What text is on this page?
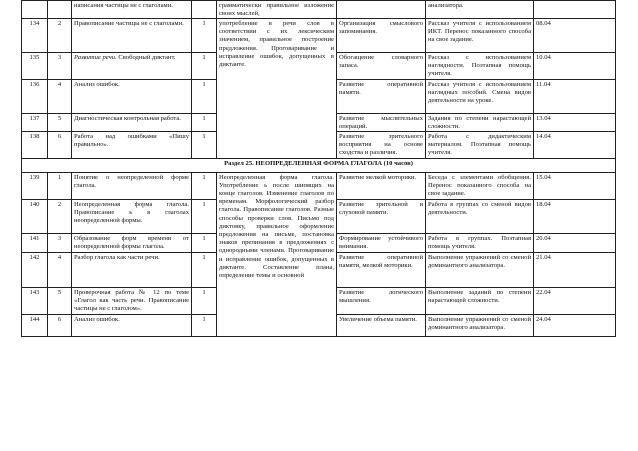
		написания частицы не с глаголами.		грамматически правильное изложение своих мыслей,		анализатора.	
134	2	Правописание частицы не с глаголами.	1	употребление в речи слов в соответствии с их лексическим значением, правильное построение предложения. Проговаривание и исправление ошибок, допущенных в диктанте.	Организация смыслового запоминания.	Рассказ учителя с использованием ИКТ. Перенос показанного способа на свое задание.	08.04
135	3	Развитие речи. Свободный диктант.	1		Обогащение словарного запаса.	Рассказ с использованием наглядности. Поэтапная помощь учителя.	10.04
136	4	Анализ ошибок.	1		Развитие оперативной памяти.	Рассказ учителя с использованием наглядных пособий. Смена видов деятельности на уроке.	11.04
137	5	Диагностическая контрольная работа.	1		Развитие мыслительных операций.	Задания по степени нарастающей сложности.	13.04
138	6	Работа над ошибками «Пишу правильно».	1		Развитие зрительного восприятия на основе сходства и различия.	Работа с дидактическим материалом. Поэтапная помощь учителя.	14.04
Раздел 25. НЕОПРЕДЕЛЕННАЯ ФОРМА ГЛАГОЛА (10 часов)							
139	1	Понятие о неопределенной форме глагола.	1	Неопределенная форма глагола. Употребление ь после шипящих на конце глаголов. Изменение глаголов по временам. Морфологический разбор глагола. Правописание глаголов. Разные способы проверки слов. Письмо под диктовку, правильное оформление предложения на письме, постановка знаков препинания в предложениях с однородными членами. Проговаривание и исправление ошибок, допущенных в диктанте. Составление плана, определение темы и основной	Развитие мелкой моторики.	Беседа с элементами обобщения. Перенос показанного способа на свое задание.	15.04
140	2	Неопределенная форма глагола. Правописание ь в глаголах неопределенной формы.	1		Развитие зрительной и слуховой памяти.	Работа в группах со сменой видов деятельности.	18.04
141	3	Образование форм времени от неопределенной формы глагола.	1		Формирование устойчивого внимания.	Работа в группах. Поэтапная помощь учителя.	20.04
142	4	Разбор глагола как части речи.	1		Развитие оперативной памяти, мелкой моторики.	Выполнение упражнений со сменой доминантного анализатора.	21.04
143	5	Проверочная работа № 12 по теме «Глагол как часть речи. Правописание частицы не с глаголом».	1		Развитие логического мышления.	Выполнение заданий по степени нарастающей сложности.	22.04
144	6	Анализ ошибок.	1		Увеличение объема памяти.	Выполнение упражнений со сменой доминантного анализатора.	24.04
